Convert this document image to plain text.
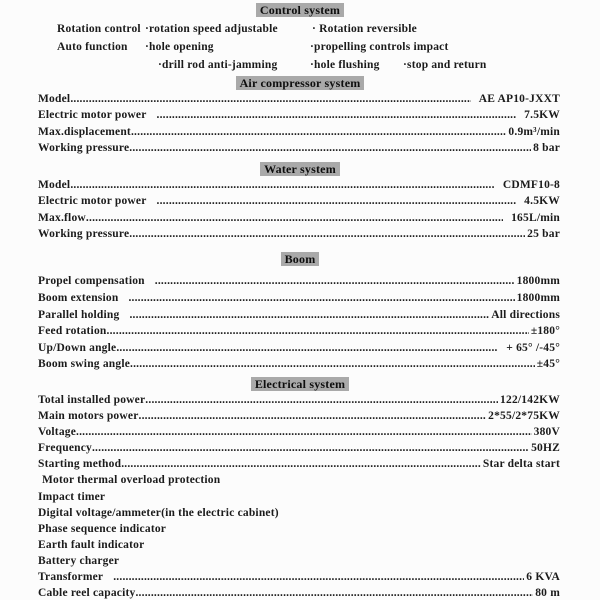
Control system
Rotation control ·rotation speed adjustable	· Rotation reversible
Auto function ·hole opening	·propelling controls impact
·drill rod anti-jamming	·hole flushing ·stop and return
Air compressor system
Model .....	AE AP10-JXXT
Electric motor power .....	7.5KW
Max.displacement .....	0.9m³/min
Working pressure .....	8 bar
Water system
Model .....	CDMF10-8
Electric motor power .....	4.5KW
Max.flow .....	165L/min
Working pressure .....	25 bar
Boom
Propel compensation .....	1800mm
Boom extension .....	1800mm
Parallel holding .....	All directions
Feed rotation .....	±180°
Up/Down angle .....	+ 65° /-45°
Boom swing angle .....	±45°
Electrical system
Total installed power .....	122/142KW
Main motors power .....	2*55/2*75KW
Voltage .....	380V
Frequency .....	50HZ
Starting method .....	Star delta start
Motor thermal overload protection
Impact timer
Digital voltage/ammeter(in the electric cabinet)
Phase sequence indicator
Earth fault indicator
Battery charger
Transformer .....	6 KVA
Cable reel capacity .....	80 m
